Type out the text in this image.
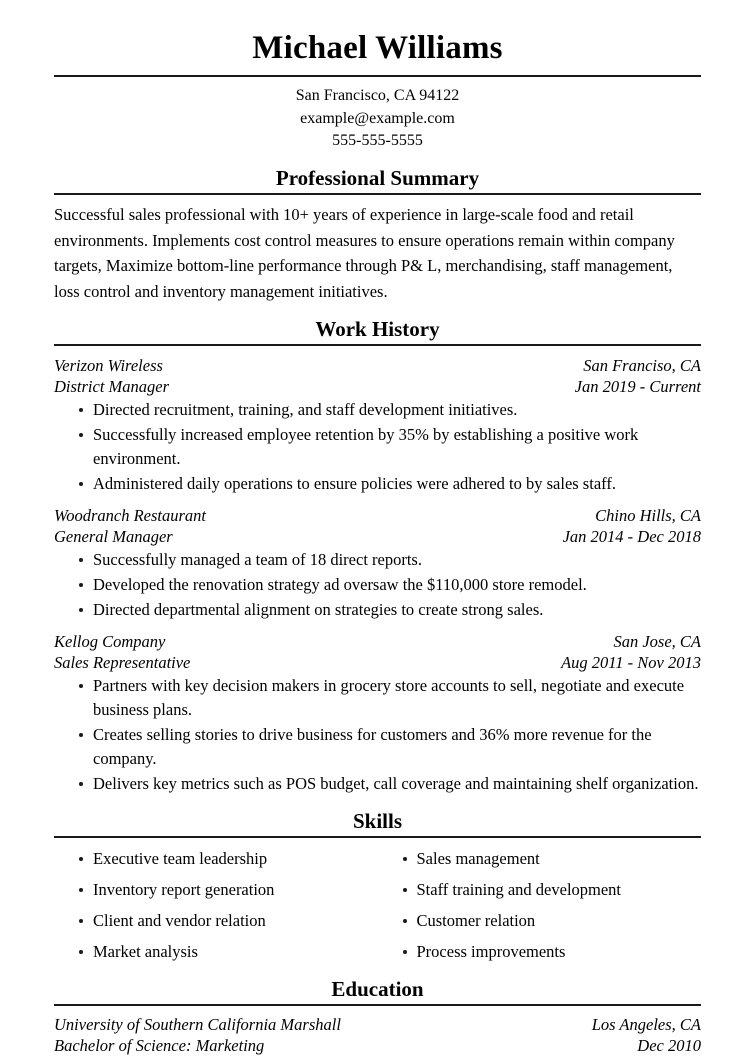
Michael Williams
San Francisco, CA 94122
example@example.com
555-555-5555
Professional Summary
Successful sales professional with 10+ years of experience in large-scale food and retail environments. Implements cost control measures to ensure operations remain within company targets, Maximize bottom-line performance through P& L, merchandising, staff management, loss control and inventory management initiatives.
Work History
Verizon Wireless	San Franciso, CA
District Manager	Jan 2019 - Current
Directed recruitment, training, and staff development initiatives.
Successfully increased employee retention by 35% by establishing a positive work environment.
Administered daily operations to ensure policies were adhered to by sales staff.
Woodranch Restaurant	Chino Hills, CA
General Manager	Jan 2014 - Dec 2018
Successfully managed a team of 18 direct reports.
Developed the renovation strategy ad oversaw the $110,000 store remodel.
Directed departmental alignment on strategies to create strong sales.
Kellog Company	San Jose, CA
Sales Representative	Aug 2011 - Nov 2013
Partners with key decision makers in grocery store accounts to sell, negotiate and execute business plans.
Creates selling stories to drive business for customers and 36% more revenue for the company.
Delivers key metrics such as POS budget, call coverage and maintaining shelf organization.
Skills
Executive team leadership
Inventory report generation
Client and vendor relation
Market analysis
Sales management
Staff training and development
Customer relation
Process improvements
Education
University of Southern California Marshall	Los Angeles, CA
Bachelor of Science: Marketing	Dec 2010
